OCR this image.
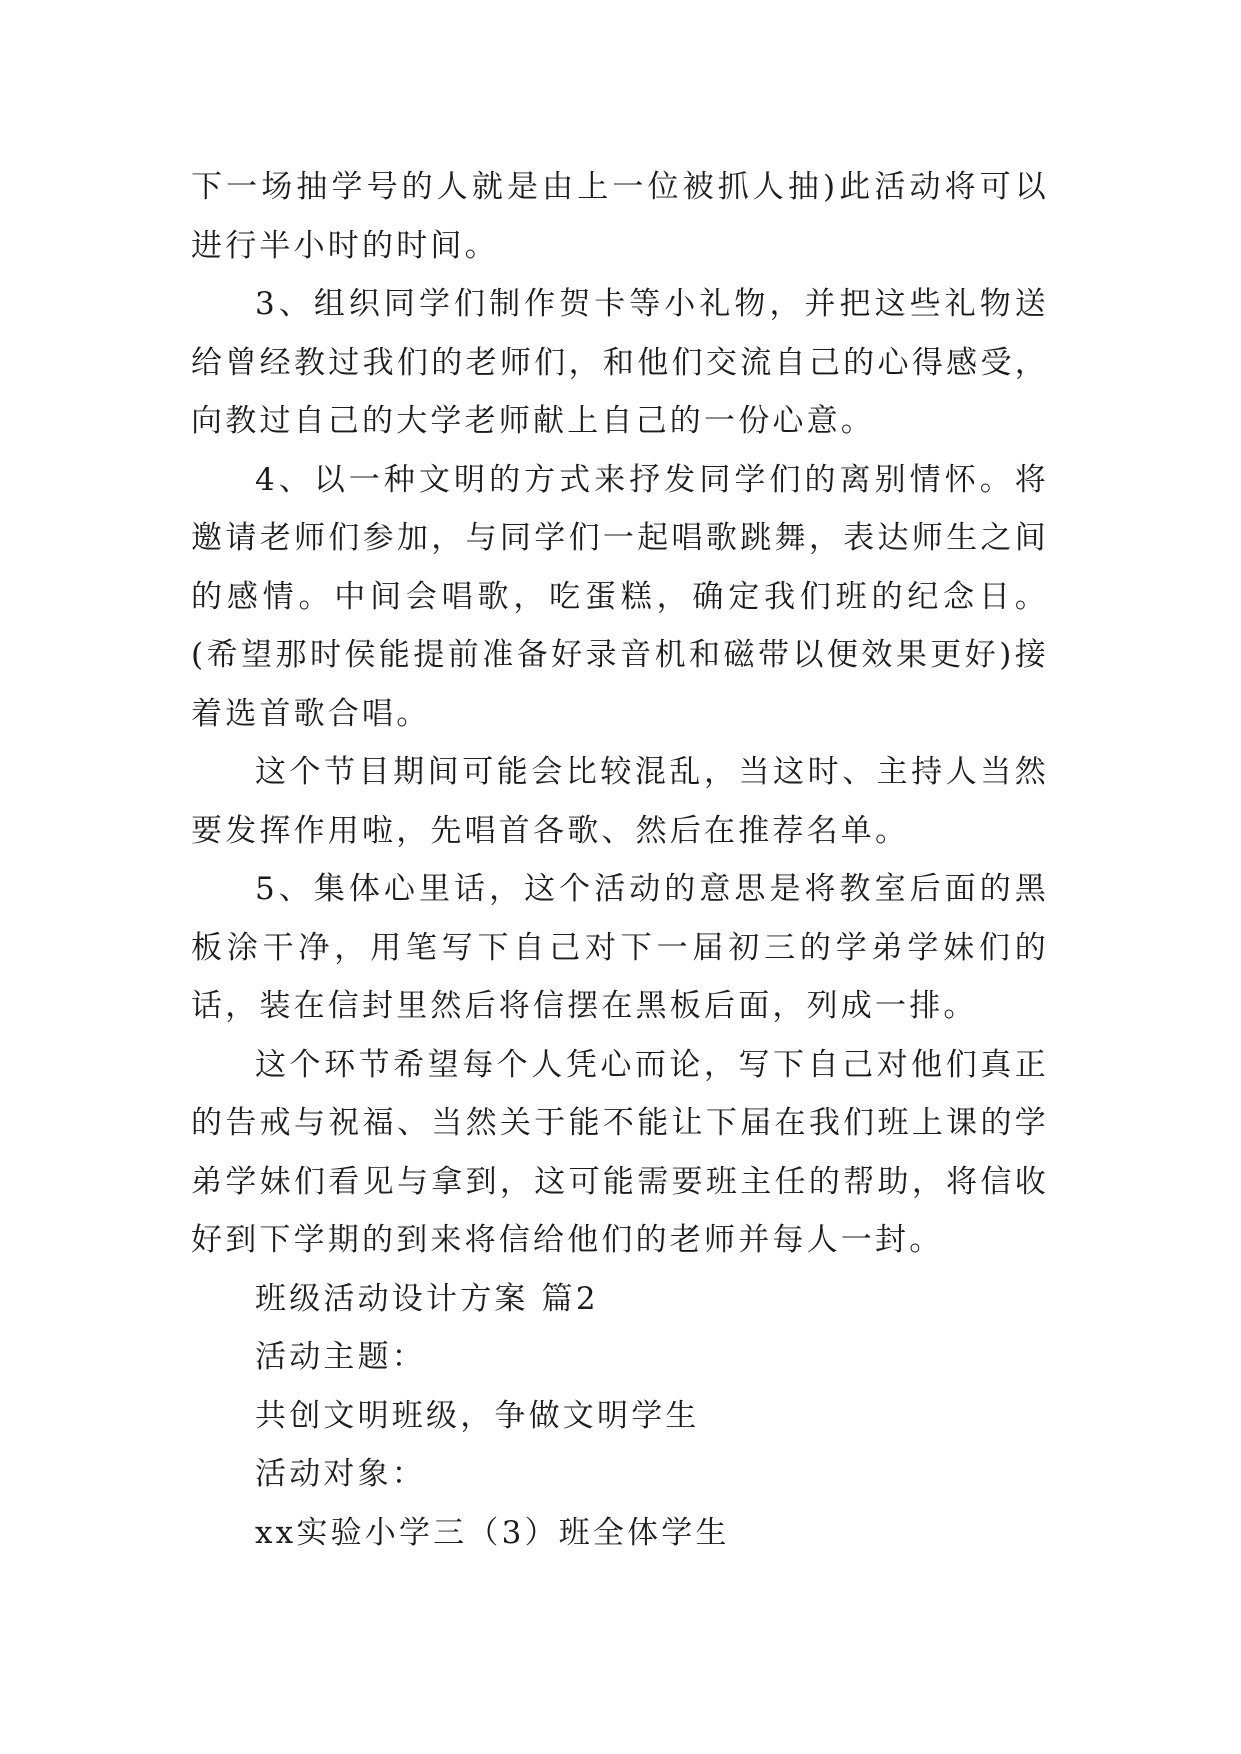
下一场抽学号的人就是由上一位被抓人抽)此活动将可以进行半小时的时间。

3、组织同学们制作贺卡等小礼物，并把这些礼物送给曾经教过我们的老师们，和他们交流自己的心得感受，向教过自己的大学老师献上自己的一份心意。

4、以一种文明的方式来抒发同学们的离别情怀。将邀请老师们参加，与同学们一起唱歌跳舞，表达师生之间的感情。中间会唱歌，吃蛋糕，确定我们班的纪念日。(希望那时侯能提前准备好录音机和磁带以便效果更好)接着选首歌合唱。

这个节目期间可能会比较混乱，当这时、主持人当然要发挥作用啦，先唱首各歌、然后在推荐名单。

5、集体心里话，这个活动的意思是将教室后面的黑板涂干净，用笔写下自己对下一届初三的学弟学妹们的话，装在信封里然后将信摆在黑板后面，列成一排。

这个环节希望每个人凭心而论，写下自己对他们真正的告戒与祝福、当然关于能不能让下届在我们班上课的学弟学妹们看见与拿到，这可能需要班主任的帮助，将信收好到下学期的到来将信给他们的老师并每人一封。

班级活动设计方案 篇2

活动主题：

共创文明班级，争做文明学生

活动对象：

xx实验小学三（3）班全体学生
